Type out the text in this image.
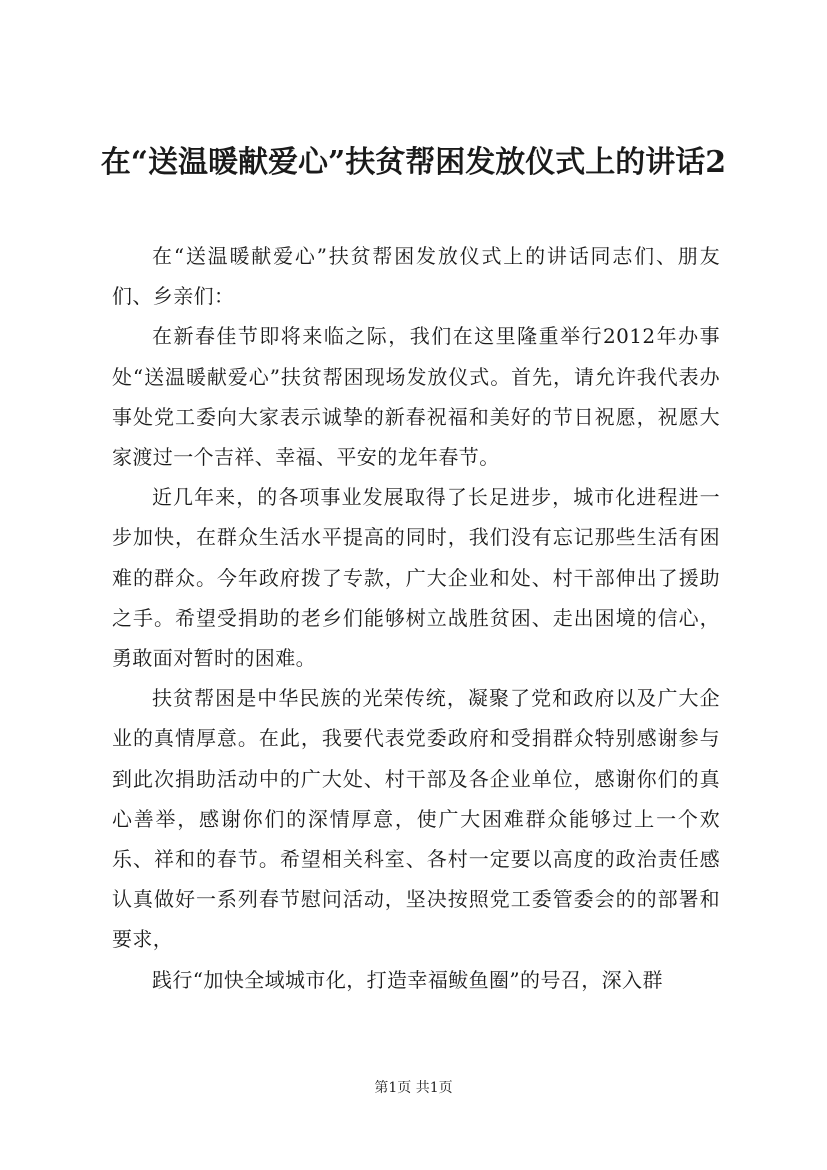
在“送温暖献爱心”扶贫帮困发放仪式上的讲话2

在“送温暖献爱心”扶贫帮困发放仪式上的讲话同志们、朋友们、乡亲们：

在新春佳节即将来临之际，我们在这里隆重举行2012年办事处“送温暖献爱心”扶贫帮困现场发放仪式。首先，请允许我代表办事处党工委向大家表示诚挚的新春祝福和美好的节日祝愿，祝愿大家渡过一个吉祥、幸福、平安的龙年春节。

近几年来，的各项事业发展取得了长足进步，城市化进程进一步加快，在群众生活水平提高的同时，我们没有忘记那些生活有困难的群众。今年政府拨了专款，广大企业和处、村干部伸出了援助之手。希望受捐助的老乡们能够树立战胜贫困、走出困境的信心，勇敢面对暂时的困难。

扶贫帮困是中华民族的光荣传统，凝聚了党和政府以及广大企业的真情厚意。在此，我要代表党委政府和受捐群众特别感谢参与到此次捐助活动中的广大处、村干部及各企业单位，感谢你们的真心善举，感谢你们的深情厚意，使广大困难群众能够过上一个欢乐、祥和的春节。希望相关科室、各村一定要以高度的政治责任感认真做好一系列春节慰问活动，坚决按照党工委管委会的的部署和要求，

践行“加快全域城市化，打造幸福鲅鱼圈”的号召，深入群

第1页 共1页
